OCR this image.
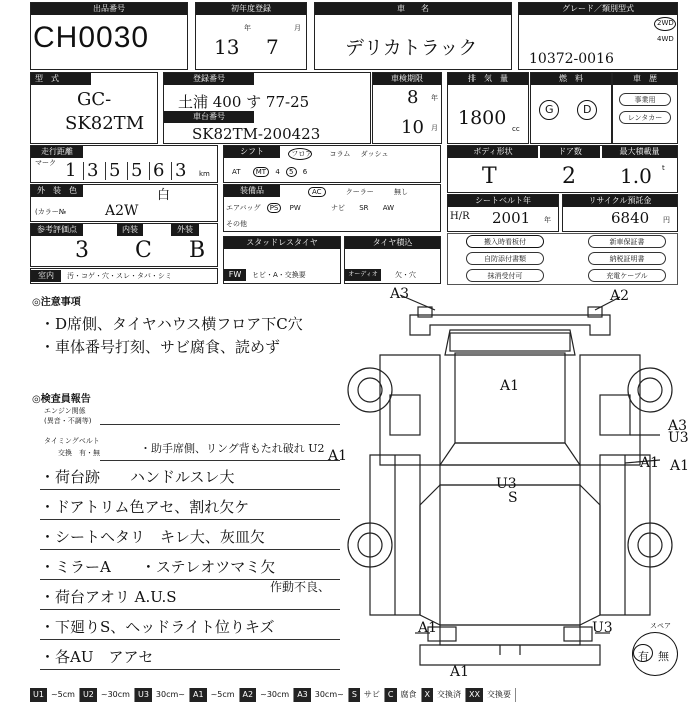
出品番号
CH0030
初年度登録
13
年
7
月
車　　名
デリカトラック
グレード／類別型式
2WD
4WD
10372-0016
型　式
GC-
SK82TM
登録番号
土浦 400 す 77-25
車台番号
SK82TM-200423
車検期限
8 年
10 月
排　気　量
1800 cc
燃　料
G	D
車　歴
事業用
レンタカー
走行距離
マーク
km
1 3 5 5 6 3
シフト	フロア コラム ダッシュ
AT MT 4 5 6
ボディ形状	ドア数	最大積載量
T	2 1.0 t
外　装　色	白
(カラー№	A2W
装備品	AC	クーラー	無し
エアバッグ PS PW	ナビ SR AW
その他
シートベルト年
H/R 2001 年
リサイクル預託金
6840 円
参考評価点	内装	外装
3 C B	スタッドレスタイヤ
FW	ヒビ・A・交換要
タイヤ積込
オーディオ	欠・穴
室内	汚・コゲ・穴・スレ・タバ・シミ
搬入時看板付
自防添付書類
抹消受付可
新車保証書
納税証明書
充電ケーブル
◎注意事項
・D席側、タイヤハウス横フロア下C穴
・車体番号打刻、サビ腐食、読めず
◎検査員報告
エンジン関係
(異音・不調等)
タイミングベルト
交換　有・無	・助手席側、リング背もたれ破れ U2
作動不良、
スペア
有 無
U1 ~5cm U2 ~30cm U3 30cm~ A1 ~5cm A2 ~30cm A3 30cm~ S サビ C 腐食 X 交換済 XX 交換要
・荷台跡　　ハンドルスレ大
・ドアトリム色アセ、割れ欠ケ
・シートヘタリ　キレ大、灰皿欠
・ミラーA　　・ステレオツマミ欠
・荷台アオリ A.U.S
・下廻りS、ヘッドライト位りキズ
・各AU　アアセ
A3	A2
A1
A3
U3
A1 A1
U3
S
A1
A1	U3
A1
